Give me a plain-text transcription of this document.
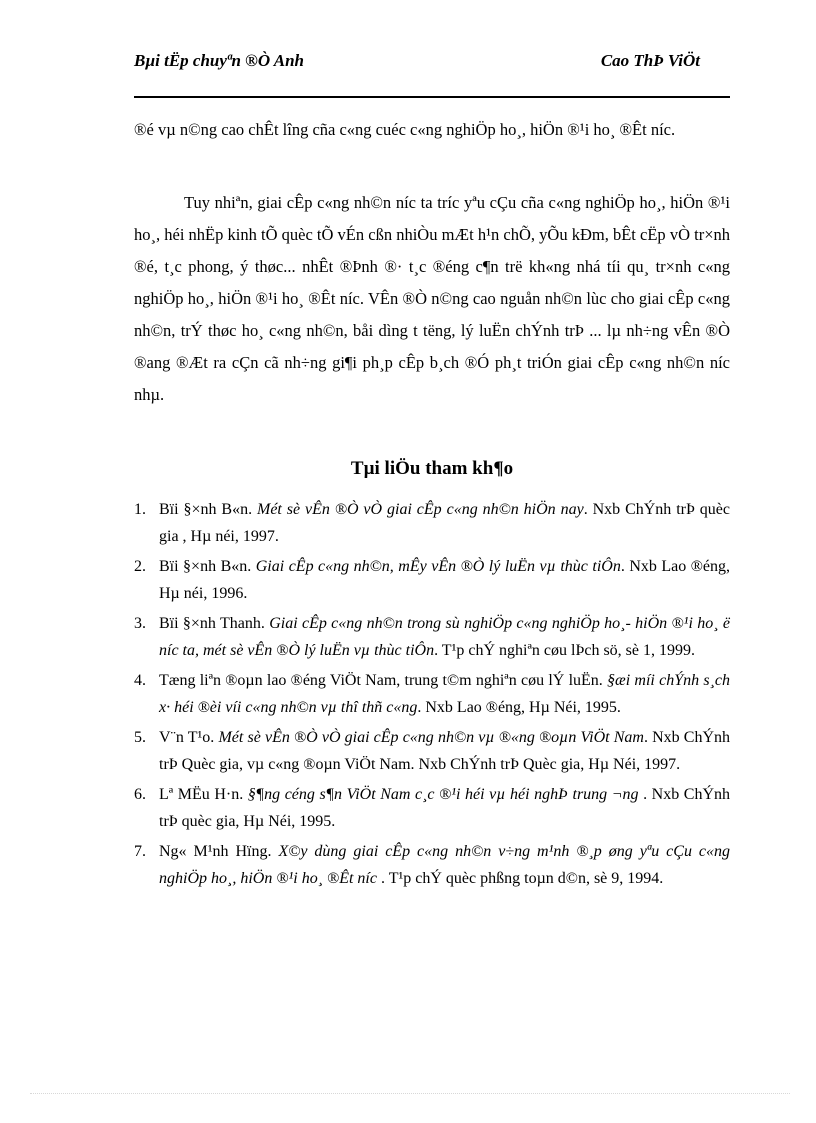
Bµi tËp chuyªn ®Ò Anh	Cao ThÞ ViÖt

®é vµ n©ng cao chÊt lîng cña c«ng cuéc c«ng nghiÖp ho¸, hiÖn ®¹i ho¸ ®Êt níc.

Tuy nhiªn, giai cÊp c«ng nh©n níc ta tríc yªu cÇu cña c«ng nghiÖp ho¸, hiÖn ®¹i ho¸, héi nhËp kinh tÕ quèc tÕ vÉn cßn nhiÒu mÆt h¹n chÕ, yÕu kÐm, bÊt cËp vÒ tr×nh ®é, t¸c phong, ý thøc... nhÊt ®Þnh ®· t¸c ®éng c¶n trë kh«ng nhá tíi qu¸ tr×nh c«ng nghiÖp ho¸, hiÖn ®¹i ho¸ ®Êt níc. VÊn ®Ò n©ng cao nguån nh©n lùc cho giai cÊp c«ng nh©n, trÝ thøc ho¸ c«ng nh©n, båi dìng t tëng, lý luËn chÝnh trÞ ... lµ nh÷ng vÊn ®Ò ®ang ®Æt ra cÇn cã nh÷ng gi¶i ph¸p cÊp b¸ch ®Ó ph¸t triÓn giai cÊp c«ng nh©n níc nhµ.

Tµi liÖu tham kh¶o
1. Bïi §×nh B«n. Mét sè vÊn ®Ò vÒ giai cÊp c«ng nh©n hiÖn nay. Nxb ChÝnh trÞ quèc gia , Hµ néi, 1997.
2. Bïi §×nh B«n. Giai cÊp c«ng nh©n, mÊy vÊn ®Ò lý luËn vµ thùc tiÔn. Nxb Lao ®éng, Hµ néi, 1996.
3. Bïi §×nh Thanh. Giai cÊp c«ng nh©n trong sù nghiÖp c«ng nghiÖp ho¸- hiÖn ®¹i ho¸ ë níc ta, mét sè vÊn ®Ò lý luËn vµ thùc tiÔn. T¹p chÝ nghiªn cøu lÞch sö, sè 1, 1999.
4. Tæng liªn ®oµn lao ®éng ViÖt Nam, trung t©m nghiªn cøu lÝ luËn. §æi míi chÝnh s¸ch x· héi ®èi víi c«ng nh©n vµ thî thñ c«ng. Nxb Lao ®éng, Hµ Néi, 1995.
5. V¨n T¹o. Mét sè vÊn ®Ò vÒ giai cÊp c«ng nh©n vµ ®«ng ®oµn ViÖt Nam. Nxb ChÝnh trÞ Quèc gia, vµ c«ng ®oµn ViÖt Nam. Nxb ChÝnh trÞ Quèc gia, Hµ Néi, 1997.
6. Lª MËu H·n. §¶ng céng s¶n ViÖt Nam c¸c ®¹i héi vµ héi nghÞ trung ¬ng . Nxb ChÝnh trÞ quèc gia, Hµ Néi, 1995.
7. Ng« M¹nh Hïng. X©y dùng giai cÊp c«ng nh©n v÷ng m¹nh ®¸p øng yªu cÇu c«ng nghiÖp ho¸, hiÖn ®¹i ho¸ ®Êt níc . T¹p chÝ quèc phßng toµn d©n, sè 9, 1994.
